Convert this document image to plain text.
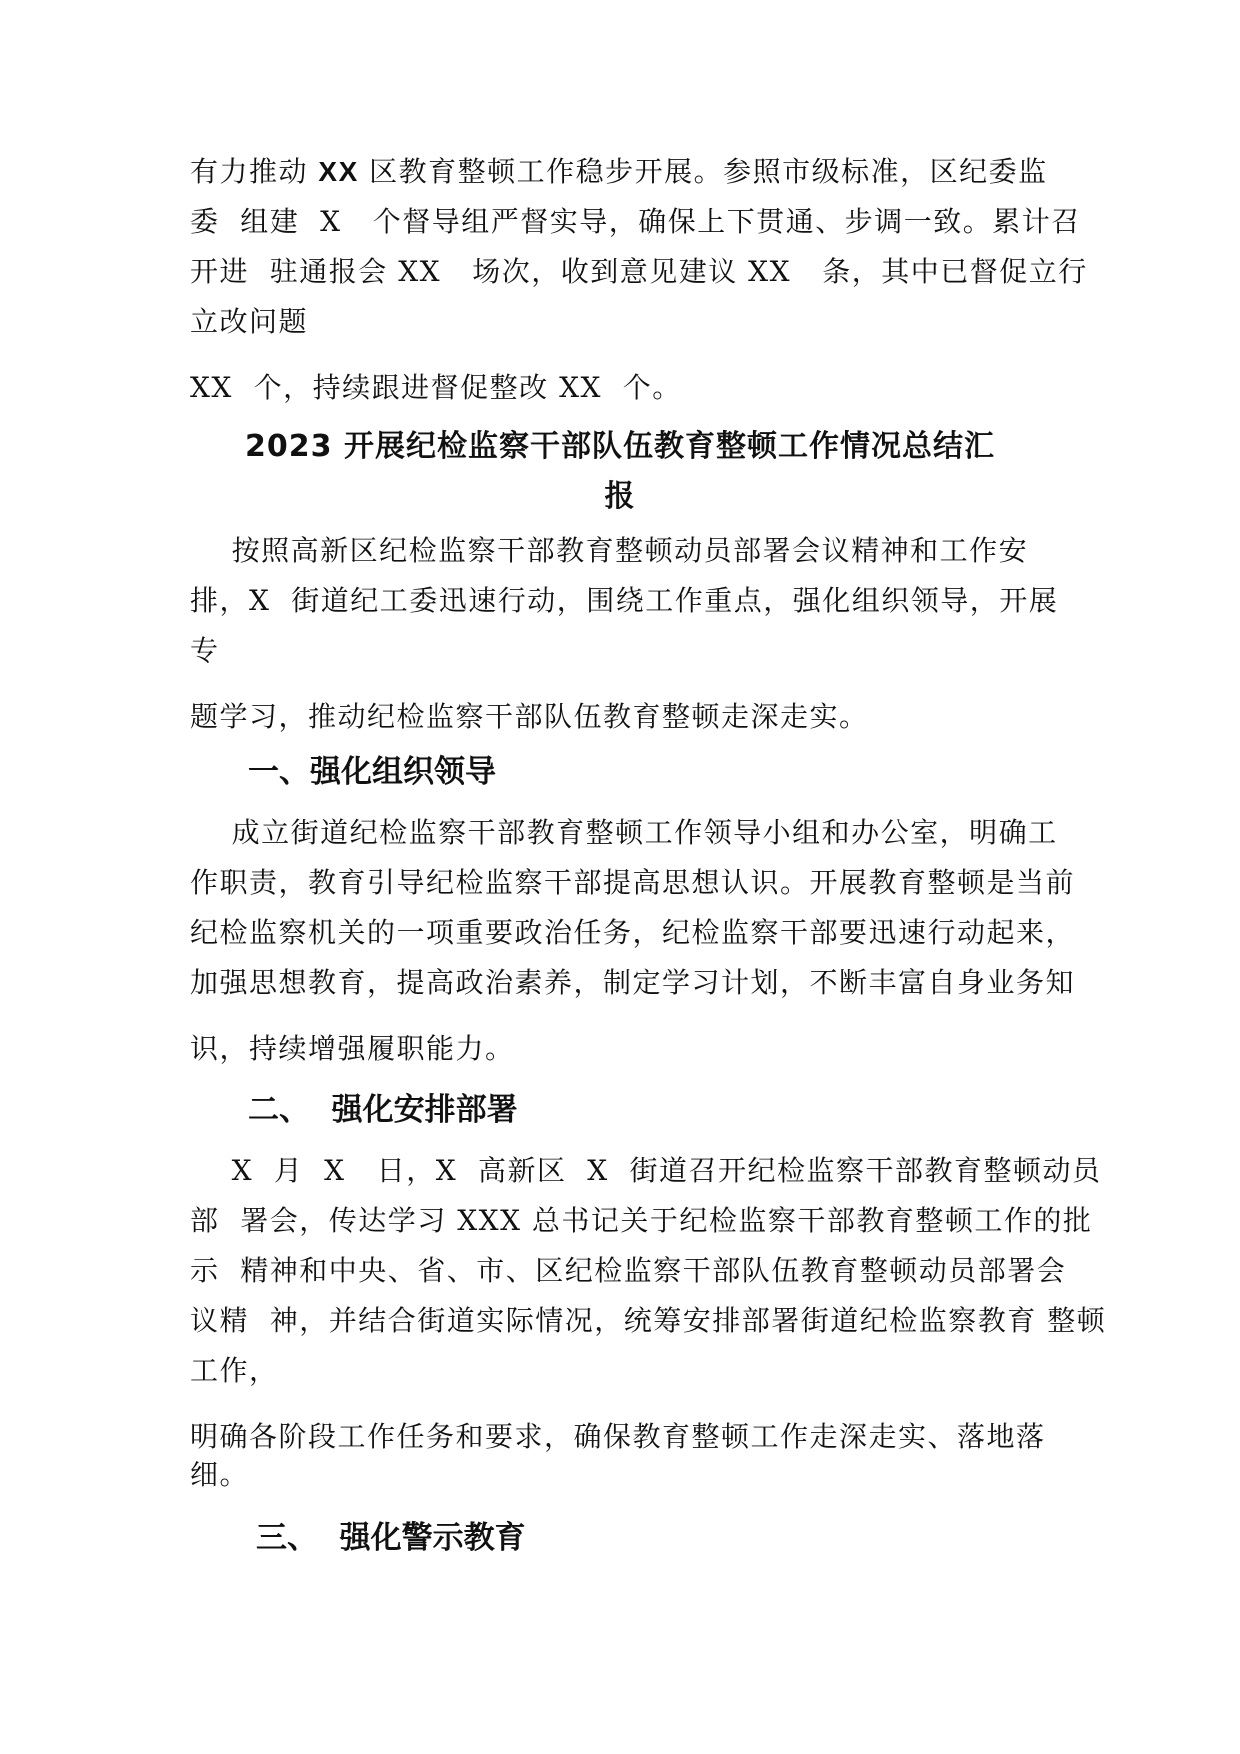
有力推动 XX 区教育整顿工作稳步开展。参照市级标准，区纪委监

委  组建  X   个督导组严督实导，确保上下贯通、步调一致。累计召

开进  驻通报会 XX   场次，收到意见建议 XX   条，其中已督促立行

立改问题

XX  个，持续跟进督促整改 XX  个。

2023 开展纪检监察干部队伍教育整顿工作情况总结汇
报

按照高新区纪检监察干部教育整顿动员部署会议精神和工作安

排，X  街道纪工委迅速行动，围绕工作重点，强化组织领导，开展

专

题学习，推动纪检监察干部队伍教育整顿走深走实。

一、强化组织领导

成立街道纪检监察干部教育整顿工作领导小组和办公室，明确工

作职责，教育引导纪检监察干部提高思想认识。开展教育整顿是当前

纪检监察机关的一项重要政治任务，纪检监察干部要迅速行动起来，

加强思想教育，提高政治素养，制定学习计划，不断丰富自身业务知

识，持续增强履职能力。

二、  强化安排部署

X  月  X   日，X  高新区  X  街道召开纪检监察干部教育整顿动员

部  署会，传达学习 XXX 总书记关于纪检监察干部教育整顿工作的批

示  精神和中央、省、市、区纪检监察干部队伍教育整顿动员部署会

议精  神，并结合街道实际情况，统筹安排部署街道纪检监察教育 整顿

工作，

明确各阶段工作任务和要求，确保教育整顿工作走深走实、落地落

细。

三、  强化警示教育
